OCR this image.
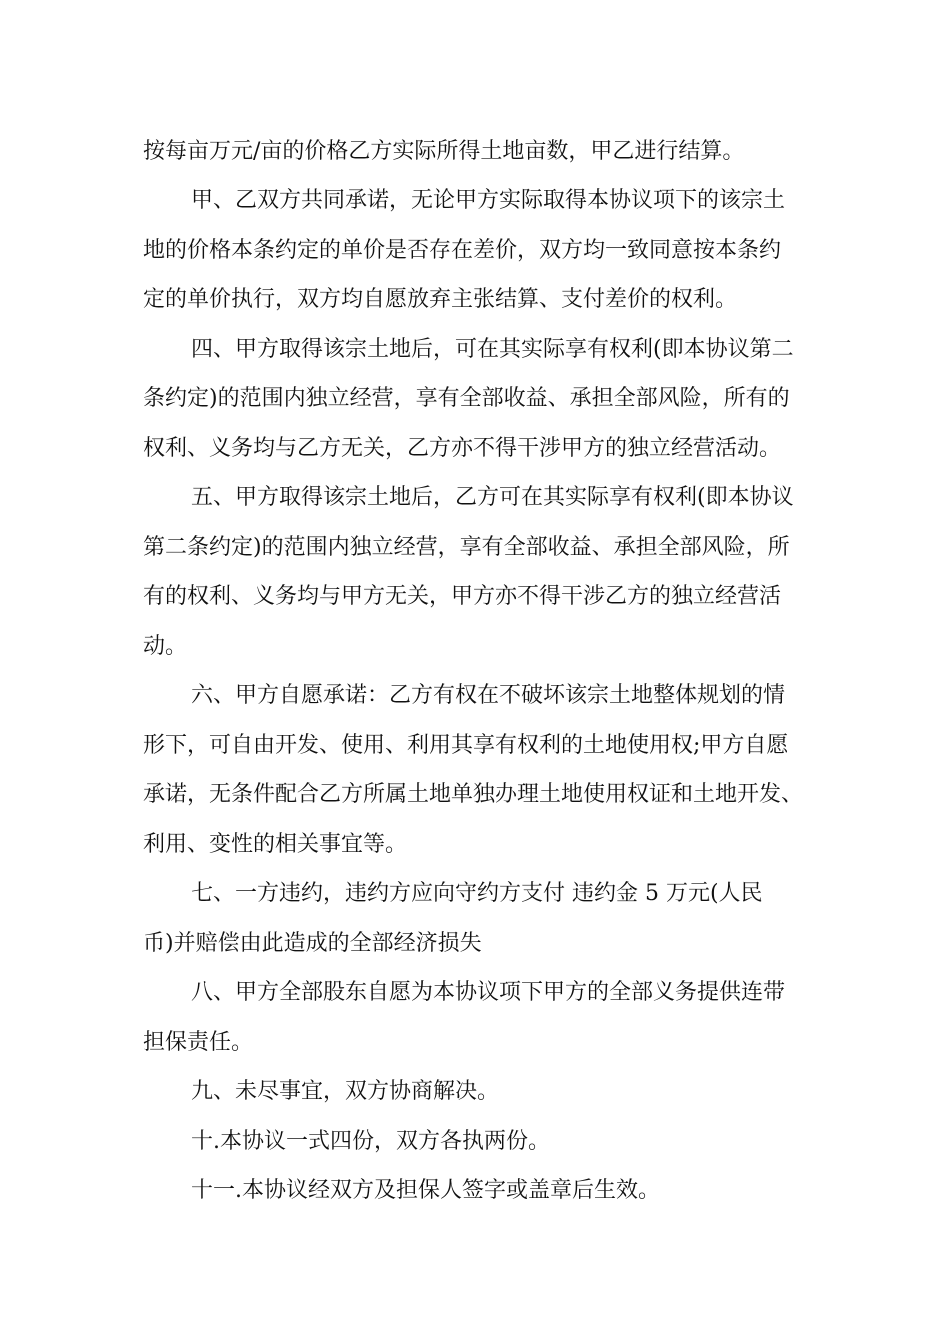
按每亩万元/亩的价格乙方实际所得土地亩数，甲乙进行结算。
甲、乙双方共同承诺，无论甲方实际取得本协议项下的该宗土
地的价格本条约定的单价是否存在差价，双方均一致同意按本条约
定的单价执行，双方均自愿放弃主张结算、支付差价的权利。
四、甲方取得该宗土地后，可在其实际享有权利(即本协议第二
条约定)的范围内独立经营，享有全部收益、承担全部风险，所有的
权利、义务均与乙方无关，乙方亦不得干涉甲方的独立经营活动。
五、甲方取得该宗土地后，乙方可在其实际享有权利(即本协议
第二条约定)的范围内独立经营，享有全部收益、承担全部风险，所
有的权利、义务均与甲方无关，甲方亦不得干涉乙方的独立经营活
动。
六、甲方自愿承诺：乙方有权在不破坏该宗土地整体规划的情
形下，可自由开发、使用、利用其享有权利的土地使用权;甲方自愿
承诺，无条件配合乙方所属土地单独办理土地使用权证和土地开发、
利用、变性的相关事宜等。
七、一方违约，违约方应向守约方支付 违约金 5 万元(人民
币)并赔偿由此造成的全部经济损失
八、甲方全部股东自愿为本协议项下甲方的全部义务提供连带
担保责任。
九、未尽事宜，双方协商解决。
十.本协议一式四份，双方各执两份。
十一.本协议经双方及担保人签字或盖章后生效。
